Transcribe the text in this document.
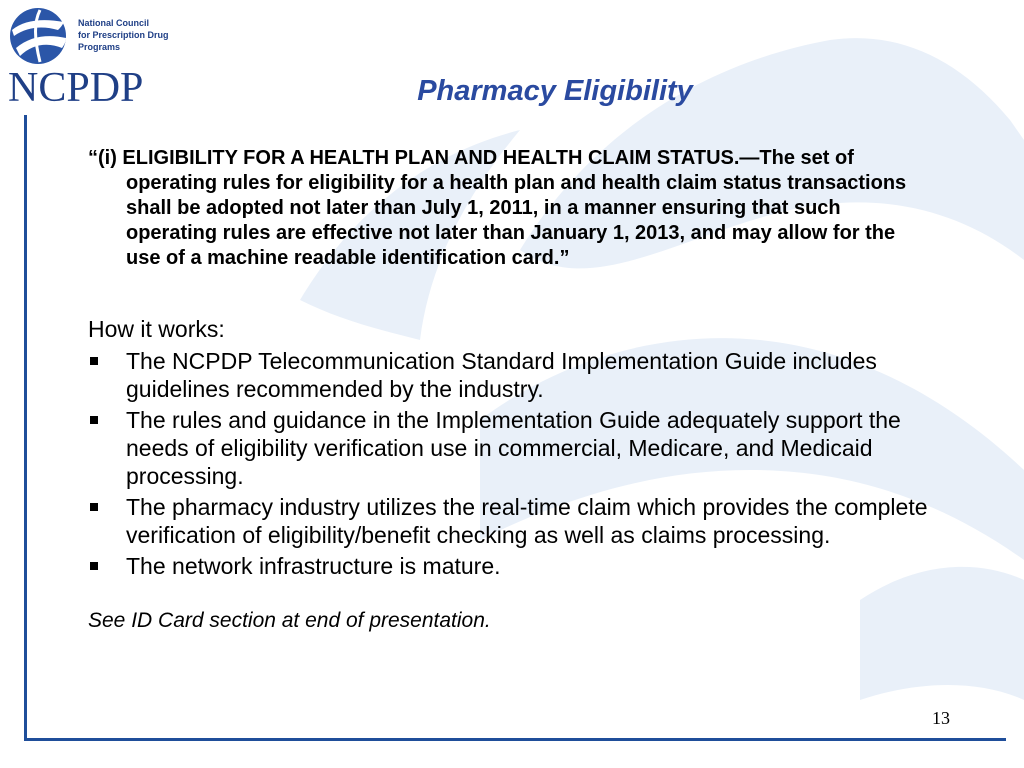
National Council
for Prescription Drug
Programs
NCPDP	Pharmacy Eligibility
“(i) ELIGIBILITY FOR A HEALTH PLAN AND HEALTH CLAIM STATUS.—The set of operating rules for eligibility for a health plan and health claim status transactions shall be adopted not later than July 1, 2011, in a manner ensuring that such operating rules are effective not later than January 1, 2013, and may allow for the use of a machine readable identification card.”
How it works:
The NCPDP Telecommunication Standard Implementation Guide includes guidelines recommended by the industry.
The rules and guidance in the Implementation Guide adequately support the needs of eligibility verification use in commercial, Medicare, and Medicaid processing.
The pharmacy industry utilizes the real-time claim which provides the complete verification of eligibility/benefit checking as well as claims processing.
The network infrastructure is mature.
See ID Card section at end of presentation.
13
